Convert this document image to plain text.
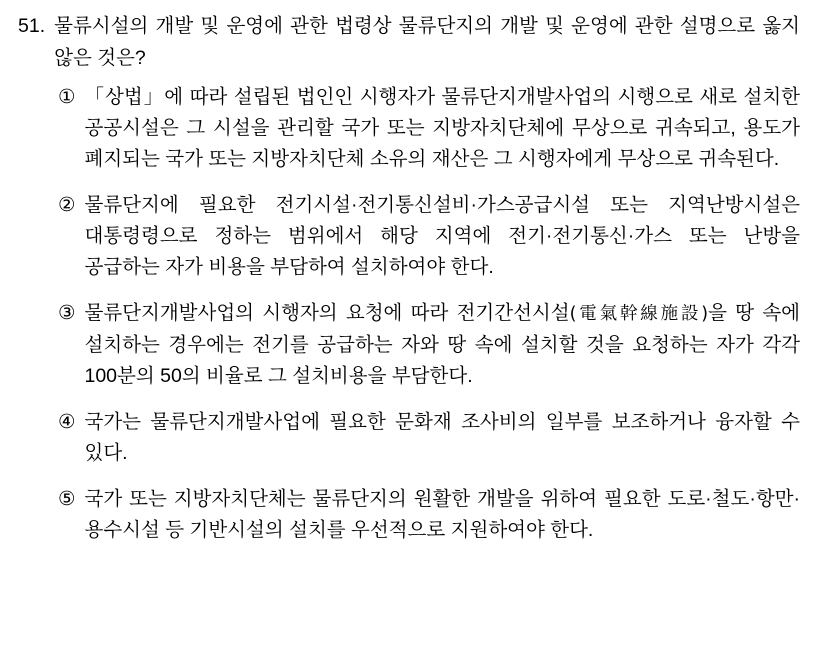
51. 물류시설의 개발 및 운영에 관한 법령상 물류단지의 개발 및 운영에 관한 설명으로 옳지 않은 것은?
① 「상법」에 따라 설립된 법인인 시행자가 물류단지개발사업의 시행으로 새로 설치한 공공시설은 그 시설을 관리할 국가 또는 지방자치단체에 무상으로 귀속되고, 용도가 폐지되는 국가 또는 지방자치단체 소유의 재산은 그 시행자에게 무상으로 귀속된다.
② 물류단지에 필요한 전기시설·전기통신설비·가스공급시설 또는 지역난방시설은 대통령령으로 정하는 범위에서 해당 지역에 전기·전기통신·가스 또는 난방을 공급하는 자가 비용을 부담하여 설치하여야 한다.
③ 물류단지개발사업의 시행자의 요청에 따라 전기간선시설(電氣幹線施設)을 땅 속에 설치하는 경우에는 전기를 공급하는 자와 땅 속에 설치할 것을 요청하는 자가 각각 100분의 50의 비율로 그 설치비용을 부담한다.
④ 국가는 물류단지개발사업에 필요한 문화재 조사비의 일부를 보조하거나 융자할 수 있다.
⑤ 국가 또는 지방자치단체는 물류단지의 원활한 개발을 위하여 필요한 도로·철도·항만·용수시설 등 기반시설의 설치를 우선적으로 지원하여야 한다.
